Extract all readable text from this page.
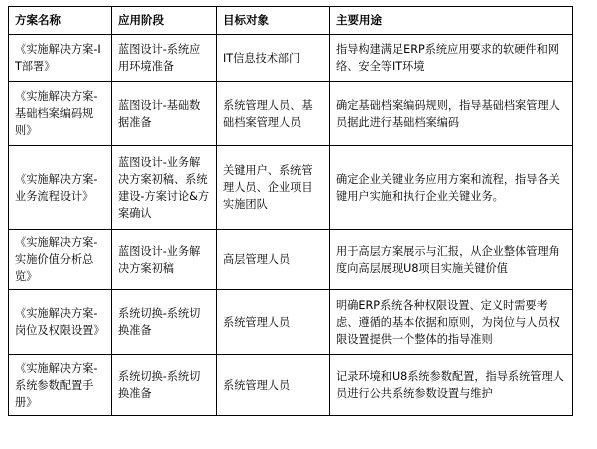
方案名称	应用阶段	目标对象	主要用途
《实施解决方案-IT部署》	蓝图设计-系统应用环境准备	IT信息技术部门	指导构建满足ERP系统应用要求的软硬件和网络、安全等IT环境
《实施解决方案-基础档案编码规则》	蓝图设计-基础数据准备	系统管理人员、基础档案管理人员	确定基础档案编码规则，指导基础档案管理人员据此进行基础档案编码
《实施解决方案-业务流程设计》	蓝图设计-业务解决方案初稿、系统建设-方案讨论&方案确认	关键用户、系统管理人员、企业项目实施团队	确定企业关键业务应用方案和流程，指导各关键用户实施和执行企业关键业务。
《实施解决方案-实施价值分析总览》	蓝图设计-业务解决方案初稿	高层管理人员	用于高层方案展示与汇报，从企业整体管理角度向高层展现U8项目实施关键价值
《实施解决方案-岗位及权限设置》	系统切换-系统切换准备	系统管理人员	明确ERP系统各种权限设置、定义时需要考虑、遵循的基本依据和原则，为岗位与人员权限设置提供一个整体的指导准则
《实施解决方案-系统参数配置手册》	系统切换-系统切换准备	系统管理人员	记录环境和U8系统参数配置，指导系统管理人员进行公共系统参数设置与维护
